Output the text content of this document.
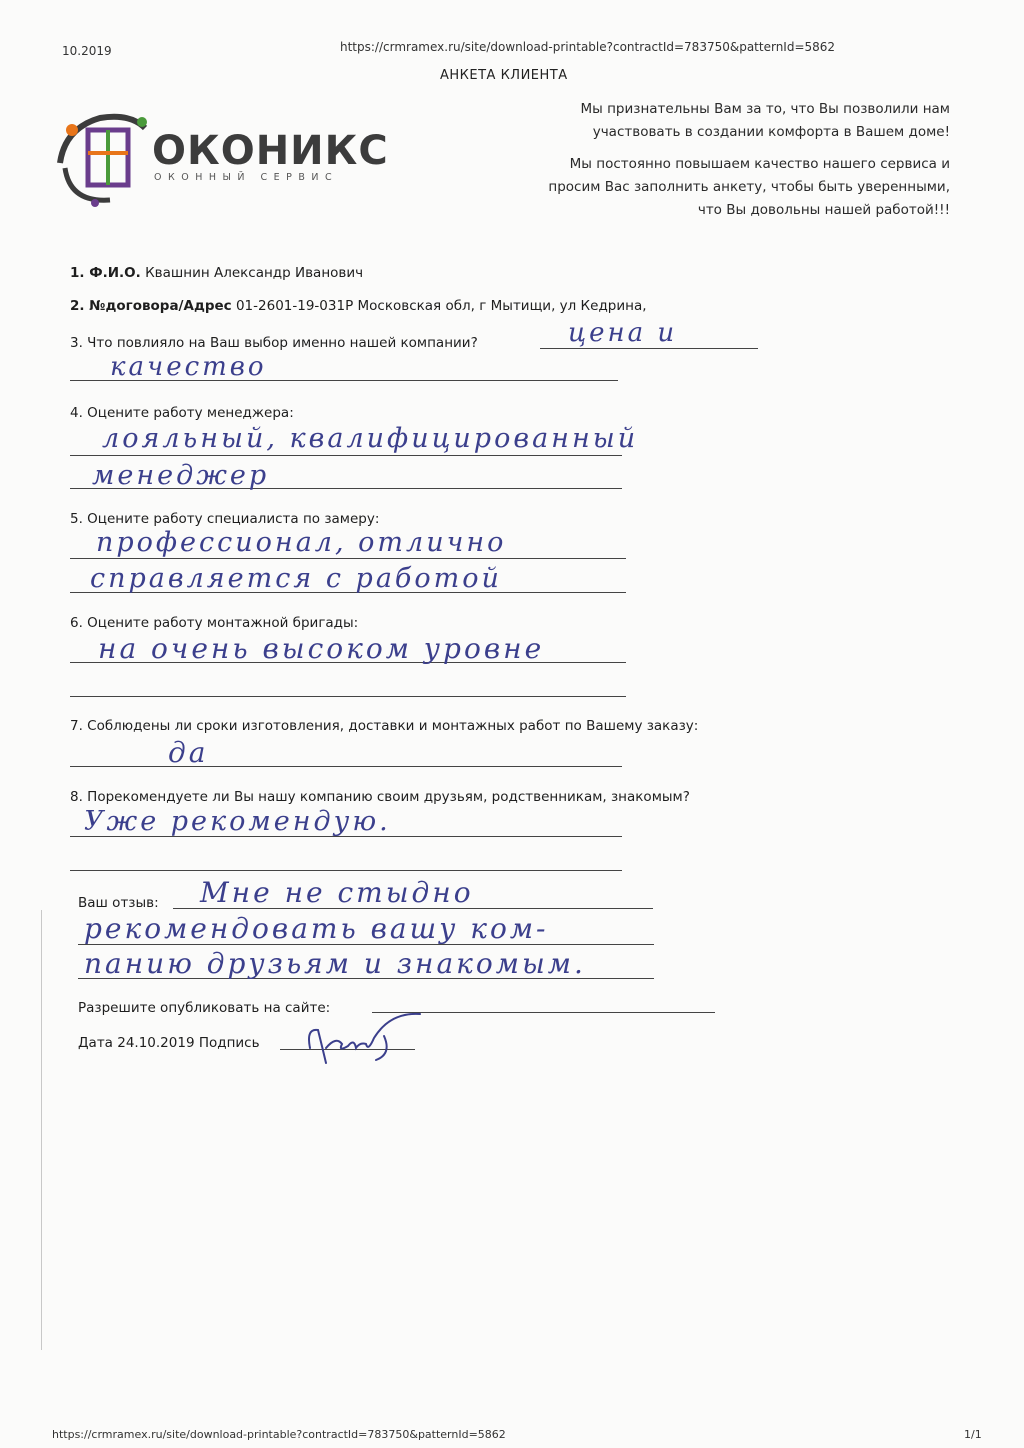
10.2019	https://crmramex.ru/site/download-printable?contractId=783750&patternId=5862
АНКЕТА КЛИЕНТА
ОКОНИКС
ОКОННЫЙ СЕРВИС
Мы признательны Вам за то, что Вы позволили нам
участвовать в создании комфорта в Вашем доме!
Мы постоянно повышаем качество нашего сервиса и
просим Вас заполнить анкету, чтобы быть уверенными,
что Вы довольны нашей работой!!!
1. Ф.И.О. Квашнин Александр Иванович
2. №договора/Адрес 01-2601-19-031Р Московская обл, г Мытищи, ул Кедрина,
3. Что повлияло на Ваш выбор именно нашей компании?	цена и
качество
4. Оцените работу менеджера:
лояльный, квалифицированный
менеджер
5. Оцените работу специалиста по замеру:
профессионал, отлично
справляется с работой
6. Оцените работу монтажной бригады:
на очень высоком уровне
7. Соблюдены ли сроки изготовления, доставки и монтажных работ по Вашему заказу:
да
8. Порекомендуете ли Вы нашу компанию своим друзьям, родственникам, знакомым?
Уже рекомендую.
Ваш отзыв: Мне не стыдно
рекомендовать вашу ком-
панию друзьям и знакомым.
Разрешите опубликовать на сайте:
Дата 24.10.2019 Подпись
https://crmramex.ru/site/download-printable?contractId=783750&patternId=5862	1/1
